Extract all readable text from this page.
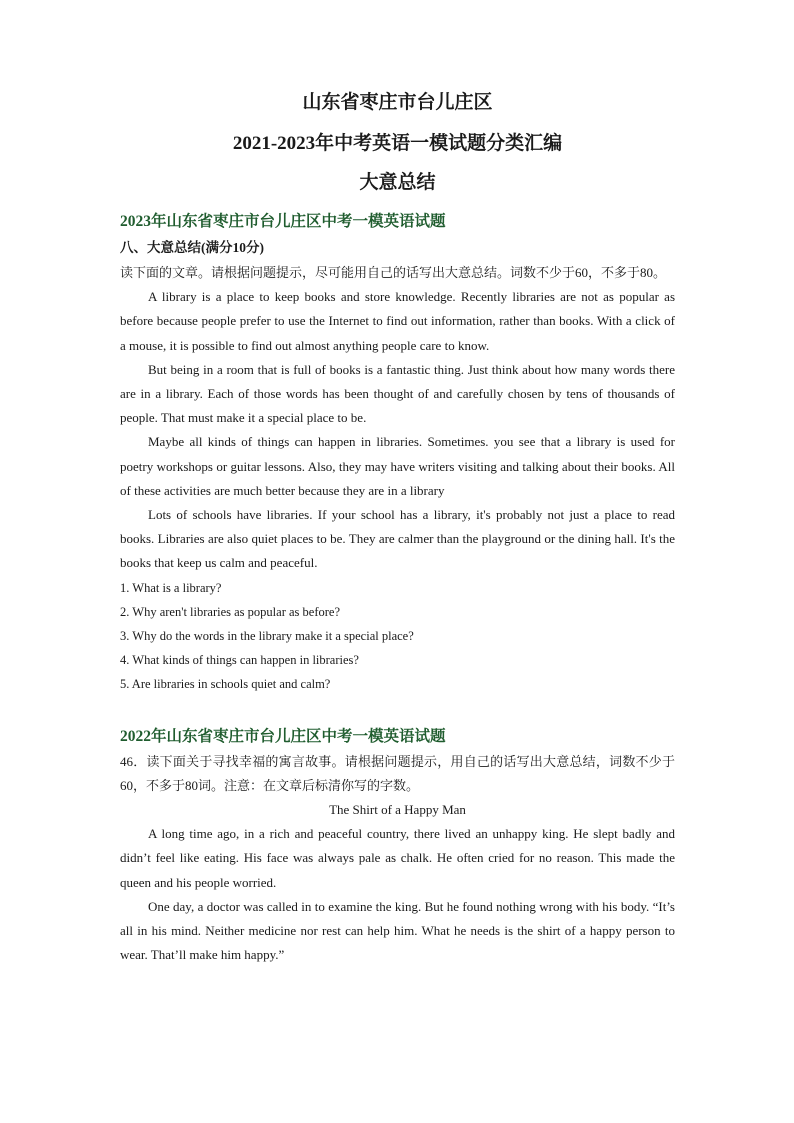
山东省枣庄市台儿庄区

2021-2023年中考英语一模试题分类汇编

大意总结

2023年山东省枣庄市台儿庄区中考一模英语试题

八、大意总结(满分10分)

读下面的文章。请根据问题提示，尽可能用自己的话写出大意总结。词数不少于60，不多于80。

A library is a place to keep books and store knowledge. Recently libraries are not as popular as before because people prefer to use the Internet to find out information, rather than books. With a click of a mouse, it is possible to find out almost anything people care to know.

But being in a room that is full of books is a fantastic thing. Just think about how many words there are in a library. Each of those words has been thought of and carefully chosen by tens of thousands of people. That must make it a special place to be.

Maybe all kinds of things can happen in libraries. Sometimes. you see that a library is used for poetry workshops or guitar lessons. Also, they may have writers visiting and talking about their books. All of these activities are much better because they are in a library

Lots of schools have libraries. If your school has a library, it's probably not just a place to read books. Libraries are also quiet places to be. They are calmer than the playground or the dining hall. It's the books that keep us calm and peaceful.

1. What is a library?

2. Why aren't libraries as popular as before?

3. Why do the words in the library make it a special place?

4. What kinds of things can happen in libraries?

5. Are libraries in schools quiet and calm?

2022年山东省枣庄市台儿庄区中考一模英语试题

46．读下面关于寻找幸福的寓言故事。请根据问题提示，用自己的话写出大意总结，词数不少于60，不多于80词。注意：在文章后标清你写的字数。

The Shirt of a Happy Man

A long time ago, in a rich and peaceful country, there lived an unhappy king. He slept badly and didn’t feel like eating. His face was always pale as chalk. He often cried for no reason. This made the queen and his people worried.

One day, a doctor was called in to examine the king. But he found nothing wrong with his body. “It’s all in his mind. Neither medicine nor rest can help him. What he needs is the shirt of a happy person to wear. That’ll make him happy.”
